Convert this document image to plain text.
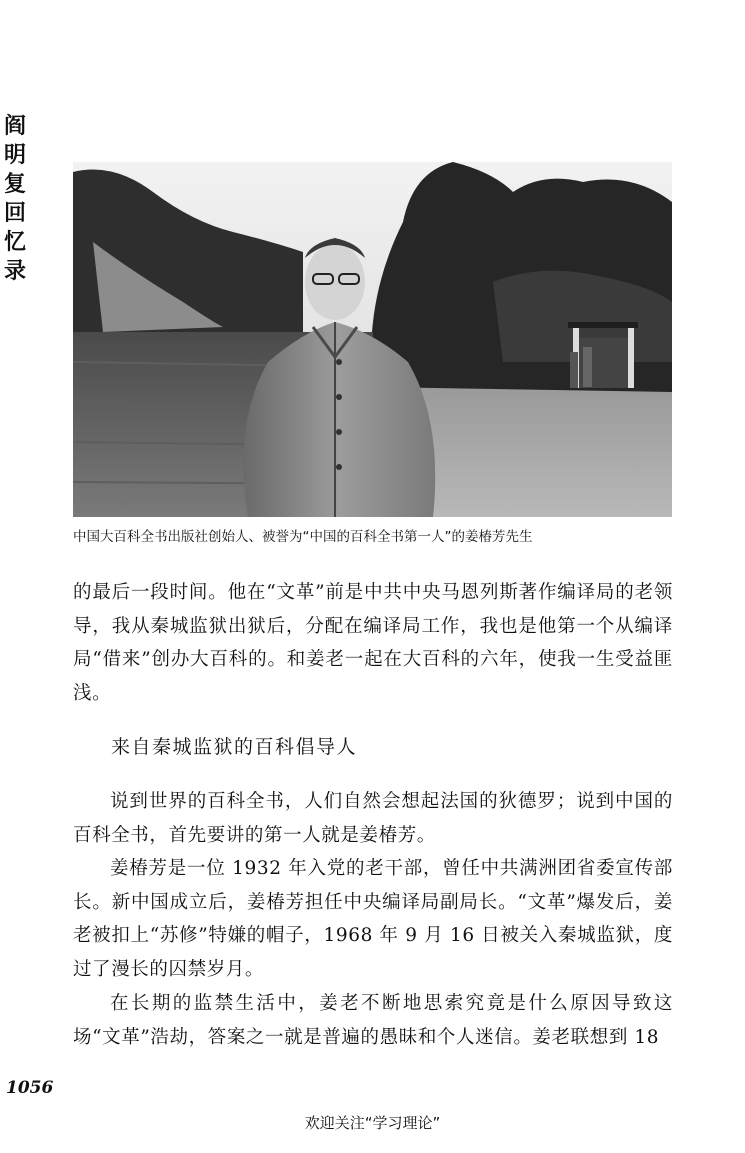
阎
明
复
回
忆
录
中国大百科全书出版社创始人、被誉为“中国的百科全书第一人”的姜椿芳先生
的最后一段时间。他在“文革”前是中共中央马恩列斯著作编译局的老领导，我从秦城监狱出狱后，分配在编译局工作，我也是他第一个从编译局“借来”创办大百科的。和姜老一起在大百科的六年，使我一生受益匪浅。
来自秦城监狱的百科倡导人
说到世界的百科全书，人们自然会想起法国的狄德罗；说到中国的百科全书，首先要讲的第一人就是姜椿芳。
姜椿芳是一位 1932 年入党的老干部，曾任中共满洲团省委宣传部长。新中国成立后，姜椿芳担任中央编译局副局长。“文革”爆发后，姜老被扣上“苏修”特嫌的帽子，1968 年 9 月 16 日被关入秦城监狱，度过了漫长的囚禁岁月。
在长期的监禁生活中，姜老不断地思索究竟是什么原因导致这场“文革”浩劫，答案之一就是普遍的愚昧和个人迷信。姜老联想到 18
1056
欢迎关注“学习理论”
